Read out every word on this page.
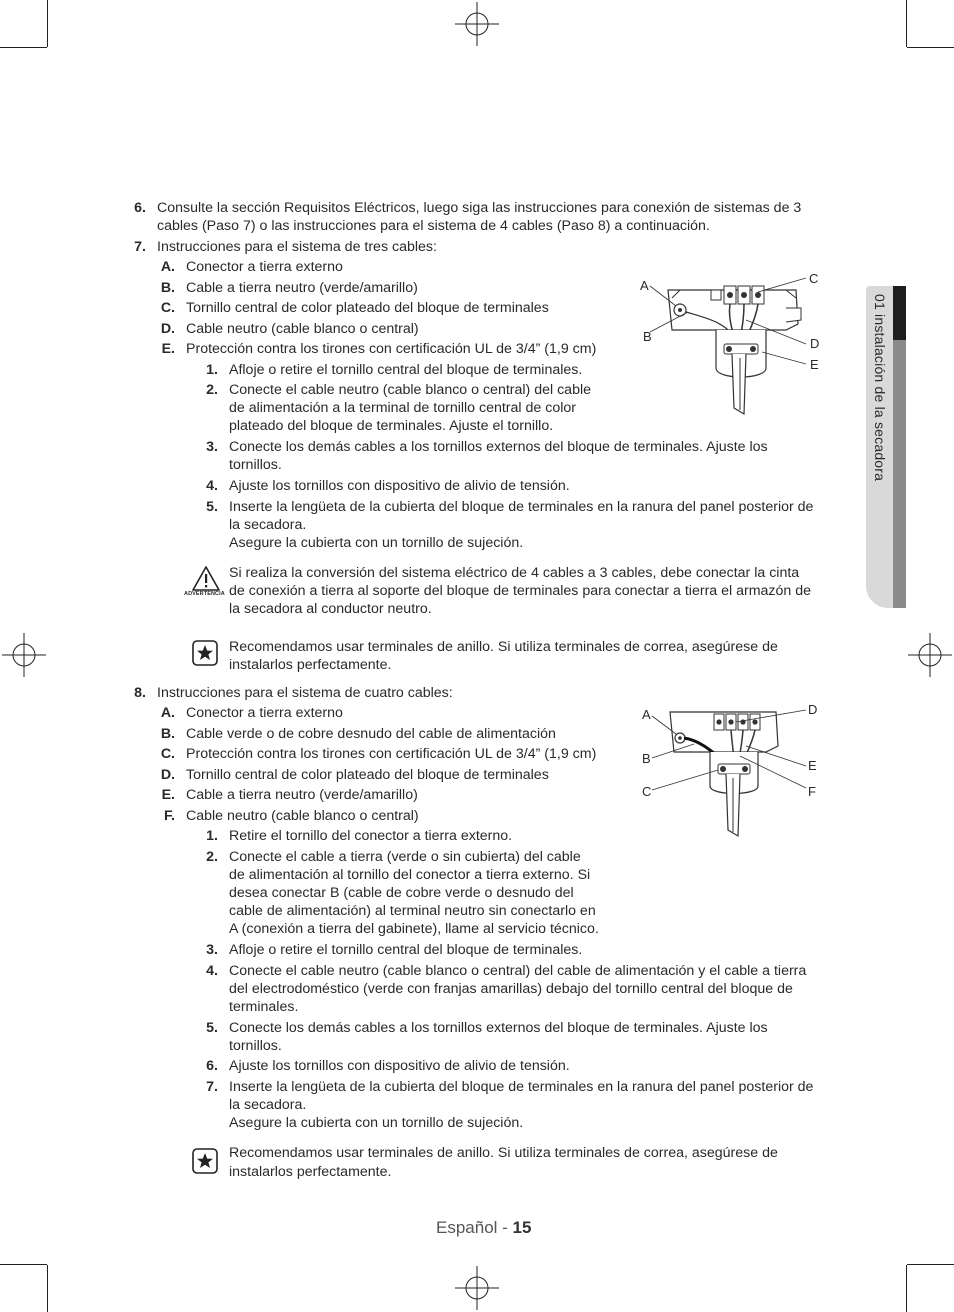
01 instalación de la secadora
6. Consulte la sección Requisitos Eléctricos, luego siga las instrucciones para conexión de sistemas de 3
cables (Paso 7) o las instrucciones para el sistema de 4 cables (Paso 8) a continuación.
7. Instrucciones para el sistema de tres cables:
A. Conector a tierra externo
B. Cable a tierra neutro (verde/amarillo)
C. Tornillo central de color plateado del bloque de terminales
D. Cable neutro (cable blanco o central)
E. Protección contra los tirones con certificación UL de 3/4” (1,9 cm)
1. Afloje o retire el tornillo central del bloque de terminales.
2. Conecte el cable neutro (cable blanco o central) del cable
de alimentación a la terminal de tornillo central de color
plateado del bloque de terminales. Ajuste el tornillo.
3. Conecte los demás cables a los tornillos externos del bloque de terminales. Ajuste los
tornillos.
4. Ajuste los tornillos con dispositivo de alivio de tensión.
5. Inserte la lengüeta de la cubierta del bloque de terminales en la ranura del panel posterior de
la secadora.
Asegure la cubierta con un tornillo de sujeción.
A
B
C
D
E
ADVERTENCIA
Si realiza la conversión del sistema eléctrico de 4 cables a 3 cables, debe conectar la cinta
de conexión a tierra al soporte del bloque de terminales para conectar a tierra el armazón de
la secadora al conductor neutro.
Recomendamos usar terminales de anillo. Si utiliza terminales de correa, asegúrese de
instalarlos perfectamente.
8. Instrucciones para el sistema de cuatro cables:
A. Conector a tierra externo
B. Cable verde o de cobre desnudo del cable de alimentación
C. Protección contra los tirones con certificación UL de 3/4” (1,9 cm)
D. Tornillo central de color plateado del bloque de terminales
E. Cable a tierra neutro (verde/amarillo)
F. Cable neutro (cable blanco o central)
1. Retire el tornillo del conector a tierra externo.
2. Conecte el cable a tierra (verde o sin cubierta) del cable
de alimentación al tornillo del conector a tierra externo. Si
desea conectar B (cable de cobre verde o desnudo del
cable de alimentación) al terminal neutro sin conectarlo en
A (conexión a tierra del gabinete), llame al servicio técnico.
3. Afloje o retire el tornillo central del bloque de terminales.
4. Conecte el cable neutro (cable blanco o central) del cable de alimentación y el cable a tierra
del electrodoméstico (verde con franjas amarillas) debajo del tornillo central del bloque de
terminales.
5. Conecte los demás cables a los tornillos externos del bloque de terminales. Ajuste los
tornillos.
6. Ajuste los tornillos con dispositivo de alivio de tensión.
7. Inserte la lengüeta de la cubierta del bloque de terminales en la ranura del panel posterior de
la secadora.
Asegure la cubierta con un tornillo de sujeción.
A
B
C
D
E
F
Recomendamos usar terminales de anillo. Si utiliza terminales de correa, asegúrese de
instalarlos perfectamente.
Español - 15
